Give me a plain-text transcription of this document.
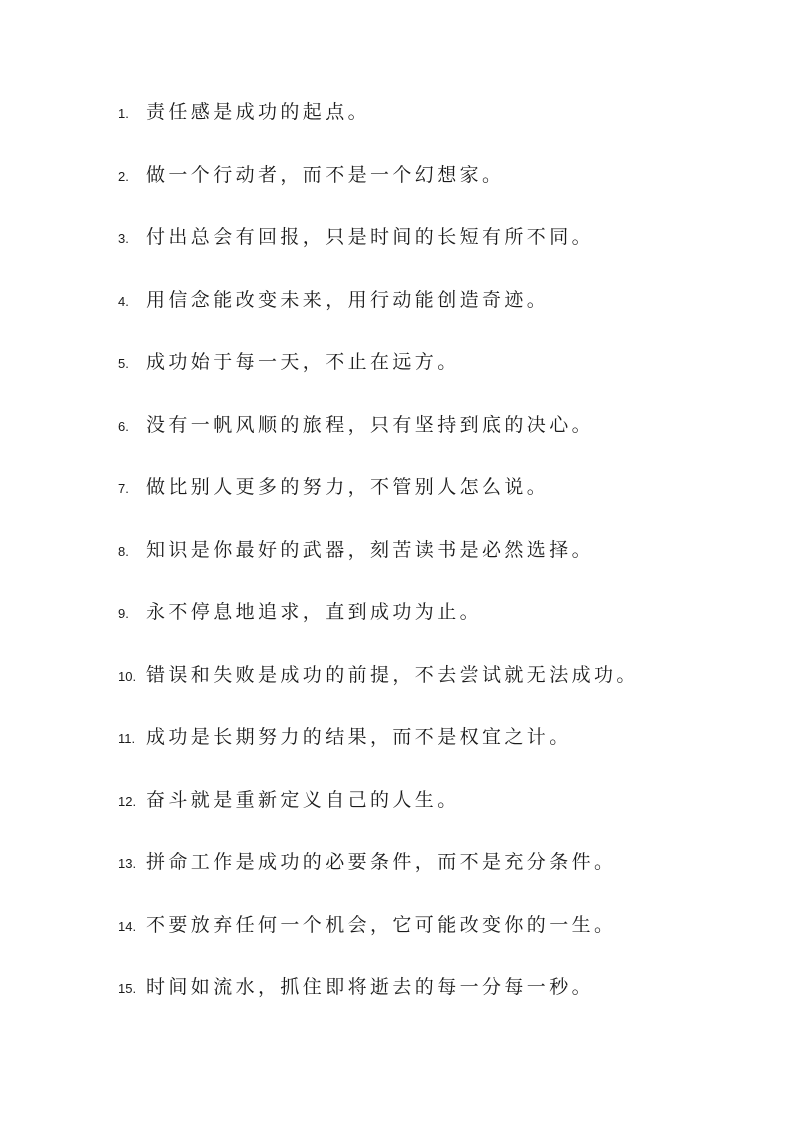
1. 责任感是成功的起点。
2. 做一个行动者，而不是一个幻想家。
3. 付出总会有回报，只是时间的长短有所不同。
4. 用信念能改变未来，用行动能创造奇迹。
5. 成功始于每一天，不止在远方。
6. 没有一帆风顺的旅程，只有坚持到底的决心。
7. 做比别人更多的努力，不管别人怎么说。
8. 知识是你最好的武器，刻苦读书是必然选择。
9. 永不停息地追求，直到成功为止。
10. 错误和失败是成功的前提，不去尝试就无法成功。
11. 成功是长期努力的结果，而不是权宜之计。
12. 奋斗就是重新定义自己的人生。
13. 拼命工作是成功的必要条件，而不是充分条件。
14. 不要放弃任何一个机会，它可能改变你的一生。
15. 时间如流水，抓住即将逝去的每一分每一秒。
